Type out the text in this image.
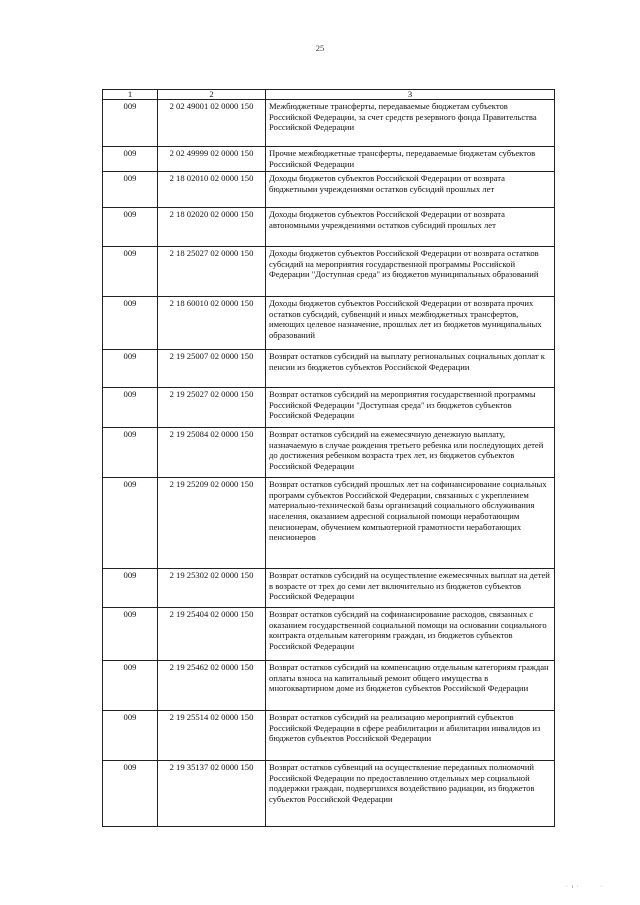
25
1	2	3
009	2 02 49001 02 0000 150	Межбюджетные трансферты, передаваемые бюджетам субъектов Российской Федерации, за счет средств резервного фонда Правительства Российской Федерации
009	2 02 49999 02 0000 150	Прочие межбюджетные трансферты, передаваемые бюджетам субъектов Российской Федерации
009	2 18 02010 02 0000 150	Доходы бюджетов субъектов Российской Федерации от возврата бюджетными учреждениями остатков субсидий прошлых лет
009	2 18 02020 02 0000 150	Доходы бюджетов субъектов Российской Федерации от возврата автономными учреждениями остатков субсидий прошлых лет
009	2 18 25027 02 0000 150	Доходы бюджетов субъектов Российской Федерации от возврата остатков субсидий на мероприятия государственной программы Российской Федерации "Доступная среда" из бюджетов муниципальных образований
009	2 18 60010 02 0000 150	Доходы бюджетов субъектов Российской Федерации от возврата прочих остатков субсидий, субвенций и иных межбюджетных трансфертов, имеющих целевое назначение, прошлых лет из бюджетов муниципальных образований
009	2 19 25007 02 0000 150	Возврат остатков субсидий на выплату региональных социальных доплат к пенсии из бюджетов субъектов Российской Федерации
009	2 19 25027 02 0000 150	Возврат остатков субсидий на мероприятия государственной программы Российской Федерации "Доступная среда" из бюджетов субъектов Российской Федерации
009	2 19 25084 02 0000 150	Возврат остатков субсидий на ежемесячную денежную выплату, назначаемую в случае рождения третьего ребенка или последующих детей до достижения ребенком возраста трех лет, из бюджетов субъектов Российской Федерации
009	2 19 25209 02 0000 150	Возврат остатков субсидий прошлых лет на софинансирование социальных программ субъектов Российской Федерации, связанных с укреплением материально-технической базы организаций социального обслуживания населения, оказанием адресной социальной помощи неработающим пенсионерам, обучением компьютерной грамотности неработающих пенсионеров
009	2 19 25302 02 0000 150	Возврат остатков субсидий на осуществление ежемесячных выплат на детей в возрасте от трех до семи лет включительно из бюджетов субъектов Российской Федерации
009	2 19 25404 02 0000 150	Возврат остатков субсидий на софинансирование расходов, связанных с оказанием государственной социальной помощи на основании социального контракта отдельным категориям граждан, из бюджетов субъектов Российской Федерации
009	2 19 25462 02 0000 150	Возврат остатков субсидий на компенсацию отдельным категориям граждан оплаты взноса на капитальный ремонт общего имущества в многоквартирном доме из бюджетов субъектов Российской Федерации
009	2 19 25514 02 0000 150	Возврат остатков субсидий на реализацию мероприятий субъектов Российской Федерации в сфере реабилитации и абилитации инвалидов из бюджетов субъектов Российской Федерации
009	2 19 35137 02 0000 150	Возврат остатков субвенций на осуществление переданных полномочий Российской Федерации по предоставлению отдельных мер социальной поддержки граждан, подвергшихся воздействию радиации, из бюджетов субъектов Российской Федерации
·
· ı ·
